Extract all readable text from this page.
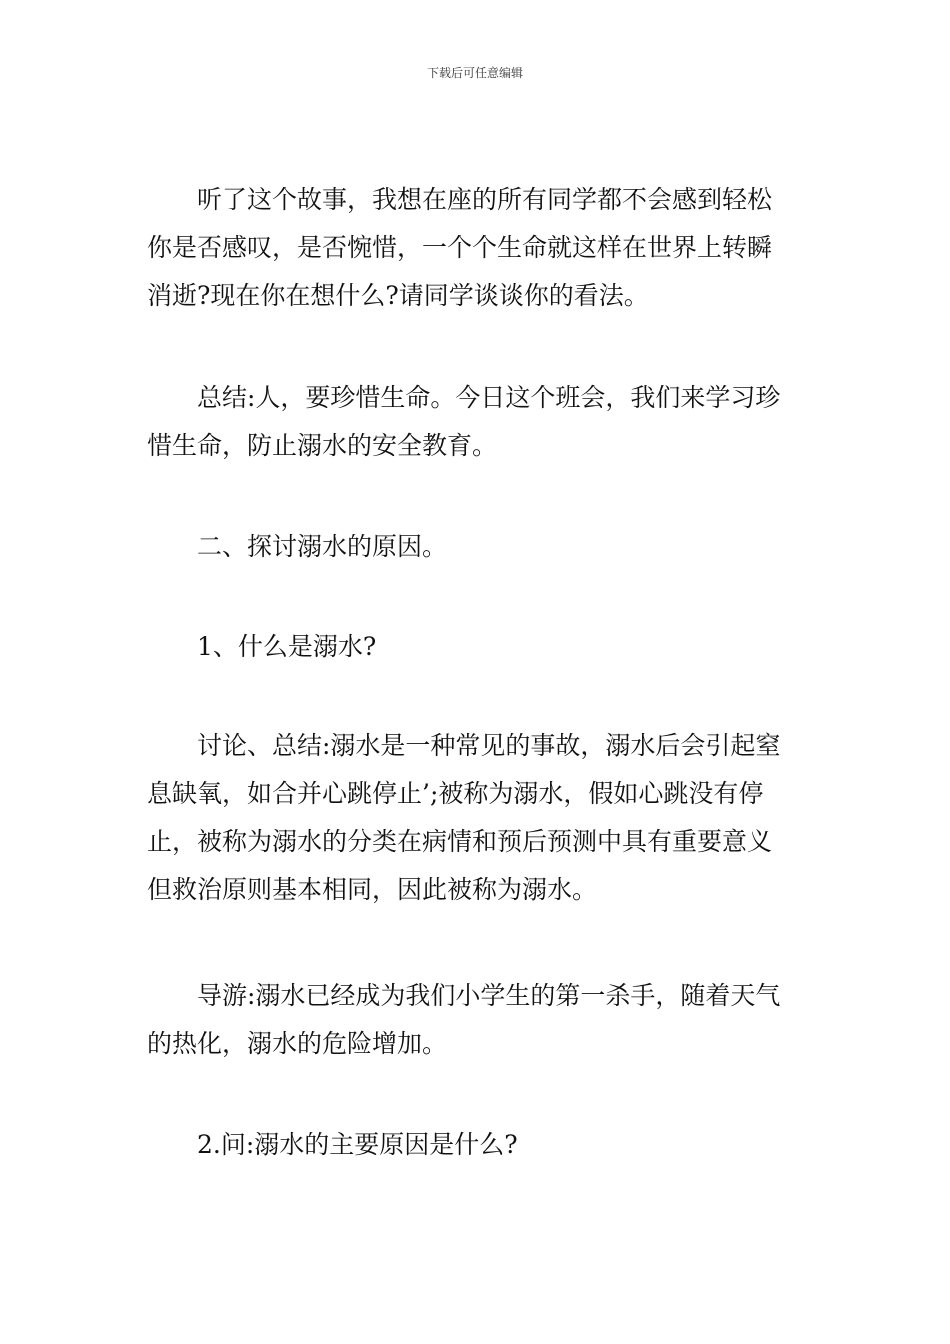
下载后可任意编辑
听了这个故事，我想在座的所有同学都不会感到轻松
你是否感叹，是否惋惜，一个个生命就这样在世界上转瞬
消逝?现在你在想什么?请同学谈谈你的看法。
总结:人，要珍惜生命。今日这个班会，我们来学习珍
惜生命，防止溺水的安全教育。
二、探讨溺水的原因。
1、什么是溺水?
讨论、总结:溺水是一种常见的事故，溺水后会引起窒
息缺氧，如合并心跳停止’;被称为溺水，假如心跳没有停
止，被称为溺水的分类在病情和预后预测中具有重要意义
但救治原则基本相同，因此被称为溺水。
导游:溺水已经成为我们小学生的第一杀手，随着天气
的热化，溺水的危险增加。
2.问:溺水的主要原因是什么?
